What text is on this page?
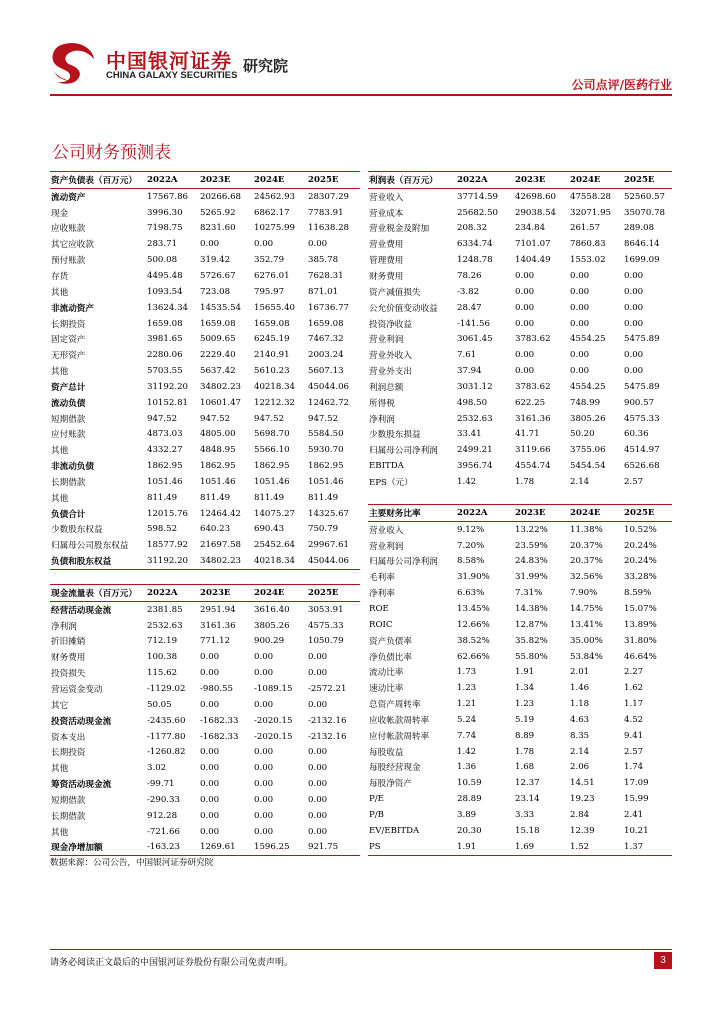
中国银河证券
CHINA GALAXY SECURITIES
研究院
公司点评/医药行业
公司财务预测表
资产负债表（百万元）	2022A	2023E	2024E	2025E
流动资产	17567.86	20266.68	24562.93	28307.29
现金	3996.30	5265.92	6862.17	7783.91
应收账款	7198.75	8231.60	10275.99	11638.28
其它应收款	283.71	0.00	0.00	0.00
预付账款	500.08	319.42	352.79	385.78
存货	4495.48	5726.67	6276.01	7628.31
其他	1093.54	723.08	795.97	871.01
非流动资产	13624.34	14535.54	15655.40	16736.77
长期投资	1659.08	1659.08	1659.08	1659.08
固定资产	3981.65	5009.65	6245.19	7467.32
无形资产	2280.06	2229.40	2140.91	2003.24
其他	5703.55	5637.42	5610.23	5607.13
资产总计	31192.20	34802.23	40218.34	45044.06
流动负债	10152.81	10601.47	12212.32	12462.72
短期借款	947.52	947.52	947.52	947.52
应付账款	4873.03	4805.00	5698.70	5584.50
其他	4332.27	4848.95	5566.10	5930.70
非流动负债	1862.95	1862.95	1862.95	1862.95
长期借款	1051.46	1051.46	1051.46	1051.46
其他	811.49	811.49	811.49	811.49
负债合计	12015.76	12464.42	14075.27	14325.67
少数股东权益	598.52	640.23	690.43	750.79
归属母公司股东权益	18577.92	21697.58	25452.64	29967.61
负债和股东权益	31192.20	34802.23	40218.34	45044.06
现金流量表（百万元）	2022A	2023E	2024E	2025E
经营活动现金流	2381.85	2951.94	3616.40	3053.91
净利润	2532.63	3161.36	3805.26	4575.33
折旧摊销	712.19	771.12	900.29	1050.79
财务费用	100.38	0.00	0.00	0.00
投资损失	115.62	0.00	0.00	0.00
营运资金变动	-1129.02	-980.55	-1089.15	-2572.21
其它	50.05	0.00	0.00	0.00
投资活动现金流	-2435.60	-1682.33	-2020.15	-2132.16
资本支出	-1177.80	-1682.33	-2020.15	-2132.16
长期投资	-1260.82	0.00	0.00	0.00
其他	3.02	0.00	0.00	0.00
筹资活动现金流	-99.71	0.00	0.00	0.00
短期借款	-290.33	0.00	0.00	0.00
长期借款	912.28	0.00	0.00	0.00
其他	-721.66	0.00	0.00	0.00
现金净增加额	-163.23	1269.61	1596.25	921.75
利润表（百万元）	2022A	2023E	2024E	2025E
营业收入	37714.59	42698.60	47558.28	52560.57
营业成本	25682.50	29038.54	32071.95	35070.78
营业税金及附加	208.32	234.84	261.57	289.08
营业费用	6334.74	7101.07	7860.83	8646.14
管理费用	1248.78	1404.49	1553.02	1699.09
财务费用	78.26	0.00	0.00	0.00
资产减值损失	-3.82	0.00	0.00	0.00
公允价值变动收益	28.47	0.00	0.00	0.00
投资净收益	-141.56	0.00	0.00	0.00
营业利润	3061.45	3783.62	4554.25	5475.89
营业外收入	7.61	0.00	0.00	0.00
营业外支出	37.94	0.00	0.00	0.00
利润总额	3031.12	3783.62	4554.25	5475.89
所得税	498.50	622.25	748.99	900.57
净利润	2532.63	3161.36	3805.26	4575.33
少数股东损益	33.41	41.71	50.20	60.36
归属母公司净利润	2499.21	3119.66	3755.06	4514.97
EBITDA	3956.74	4554.74	5454.54	6526.68
EPS（元）	1.42	1.78	2.14	2.57
主要财务比率	2022A	2023E	2024E	2025E
营业收入	9.12%	13.22%	11.38%	10.52%
营业利润	7.20%	23.59%	20.37%	20.24%
归属母公司净利润	8.58%	24.83%	20.37%	20.24%
毛利率	31.90%	31.99%	32.56%	33.28%
净利率	6.63%	7.31%	7.90%	8.59%
ROE	13.45%	14.38%	14.75%	15.07%
ROIC	12.66%	12.87%	13.41%	13.89%
资产负债率	38.52%	35.82%	35.00%	31.80%
净负债比率	62.66%	55.80%	53.84%	46.64%
流动比率	1.73	1.91	2.01	2.27
速动比率	1.23	1.34	1.46	1.62
总资产周转率	1.21	1.23	1.18	1.17
应收帐款周转率	5.24	5.19	4.63	4.52
应付帐款周转率	7.74	8.89	8.35	9.41
每股收益	1.42	1.78	2.14	2.57
每股经营现金	1.36	1.68	2.06	1.74
每股净资产	10.59	12.37	14.51	17.09
P/E	28.89	23.14	19.23	15.99
P/B	3.89	3.33	2.84	2.41
EV/EBITDA	20.30	15.18	12.39	10.21
PS	1.91	1.69	1.52	1.37
数据来源：公司公告，中国银河证券研究院
请务必阅读正文最后的中国银河证券股份有限公司免责声明。	3
